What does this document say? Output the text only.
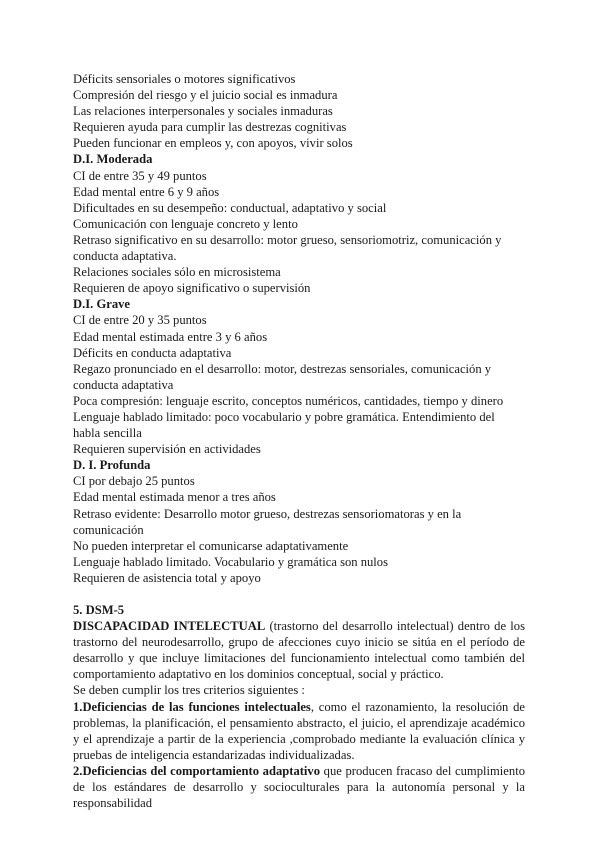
Déficits sensoriales o motores significativos

Compresión del riesgo y el juicio social es inmadura

Las relaciones interpersonales y sociales inmaduras

Requieren ayuda para cumplir las destrezas cognitivas

Pueden funcionar en empleos y, con apoyos, vivir solos

D.I. Moderada

CI de entre 35 y 49 puntos

Edad mental entre 6 y 9 años

Dificultades en su desempeño: conductual, adaptativo y social

Comunicación con lenguaje concreto y lento

Retraso significativo en su desarrollo: motor grueso, sensoriomotriz, comunicación y conducta adaptativa.

Relaciones sociales sólo en microsistema

Requieren de apoyo significativo o supervisión

D.I. Grave

CI de entre 20 y 35 puntos

Edad mental estimada entre 3 y 6 años

Déficits en conducta adaptativa

Regazo pronunciado en el desarrollo: motor, destrezas sensoriales, comunicación y conducta adaptativa

Poca compresión: lenguaje escrito, conceptos numéricos, cantidades, tiempo y dinero

Lenguaje hablado limitado: poco vocabulario y pobre gramática. Entendimiento del habla sencilla

Requieren supervisión en actividades

D. I. Profunda

CI por debajo 25 puntos

Edad mental estimada menor a tres años

Retraso evidente: Desarrollo motor grueso, destrezas sensoriomatoras y en la comunicación

No pueden interpretar el comunicarse adaptativamente

Lenguaje hablado limitado. Vocabulario y gramática son nulos

Requieren de asistencia total y apoyo

5. DSM-5

DISCAPACIDAD INTELECTUAL (trastorno del desarrollo intelectual) dentro de los trastorno del neurodesarrollo, grupo de afecciones cuyo inicio se sitúa en el período de desarrollo y que incluye limitaciones del funcionamiento intelectual como también del comportamiento adaptativo en los dominios conceptual, social y práctico.

Se deben cumplir los tres criterios siguientes :

1.Deficiencias de las funciones intelectuales, como el razonamiento, la resolución de problemas, la planificación, el pensamiento abstracto, el juicio, el aprendizaje académico y el aprendizaje a partir de la experiencia ,comprobado mediante la evaluación clínica y pruebas de inteligencia estandarizadas individualizadas.

2.Deficiencias del comportamiento adaptativo que producen fracaso del cumplimiento de los estándares de desarrollo y socioculturales para la autonomía personal y la responsabilidad
